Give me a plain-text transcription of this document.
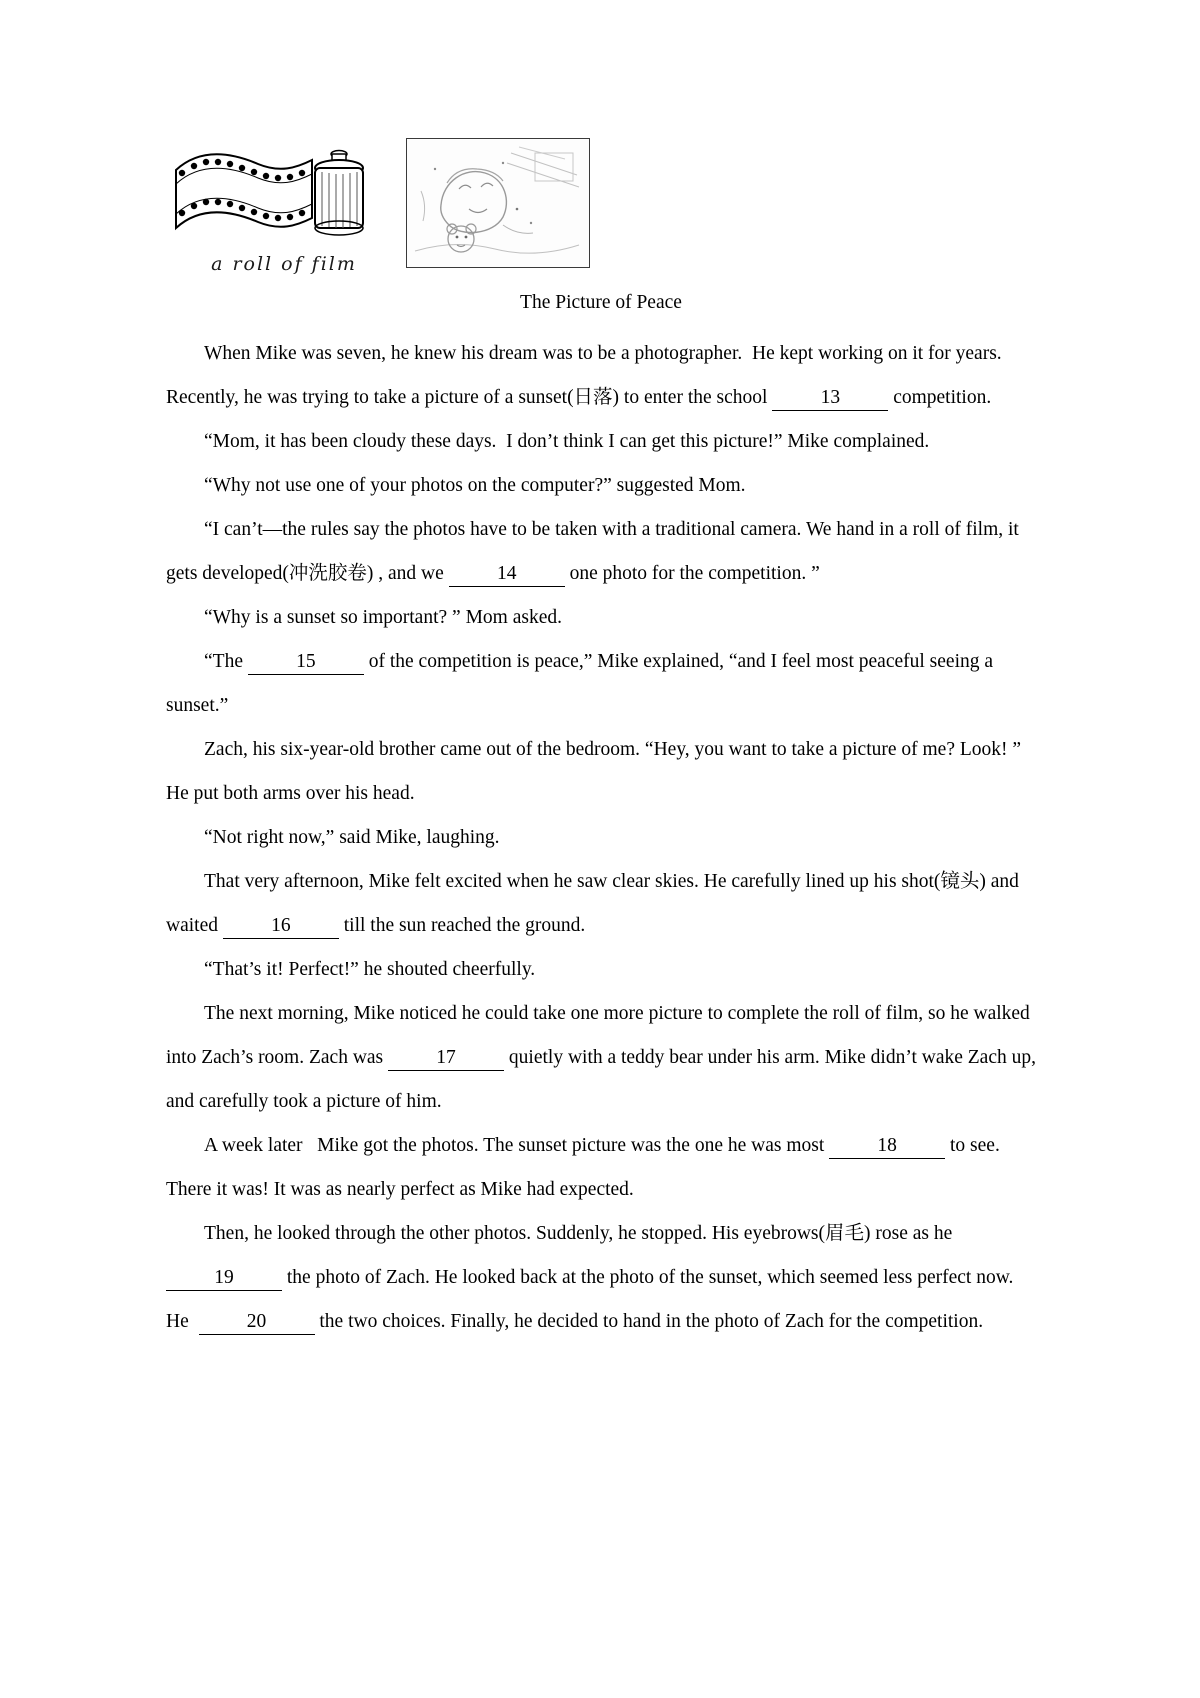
a roll of film
The Picture of Peace

When Mike was seven, he knew his dream was to be a photographer.  He kept working on it for years. Recently, he was trying to take a picture of a sunset(日落) to enter the school 13 competition.

“Mom, it has been cloudy these days.  I don’t think I can get this picture!” Mike complained.

“Why not use one of your photos on the computer?” suggested Mom.

“I can’t—the rules say the photos have to be taken with a traditional camera. We hand in a roll of film, it gets developed(冲洗胶卷) , and we 14 one photo for the competition. ”

“Why is a sunset so important? ” Mom asked.

“The 15 of the competition is peace,” Mike explained, “and I feel most peaceful seeing a sunset.”

Zach, his six-year-old brother came out of the bedroom. “Hey, you want to take a picture of me? Look! ” He put both arms over his head.

“Not right now,” said Mike, laughing.

That very afternoon, Mike felt excited when he saw clear skies. He carefully lined up his shot(镜头) and waited 16 till the sun reached the ground.

“That’s it! Perfect!” he shouted cheerfully.

The next morning, Mike noticed he could take one more picture to complete the roll of film, so he walked into Zach’s room. Zach was 17 quietly with a teddy bear under his arm. Mike didn’t wake Zach up, and carefully took a picture of him.

A week later   Mike got the photos. The sunset picture was the one he was most 18 to see. There it was! It was as nearly perfect as Mike had expected.

Then, he looked through the other photos. Suddenly, he stopped. His eyebrows(眉毛) rose as he  19 the photo of Zach. He looked back at the photo of the sunset, which seemed less perfect now. He  20 the two choices. Finally, he decided to hand in the photo of Zach for the competition.
